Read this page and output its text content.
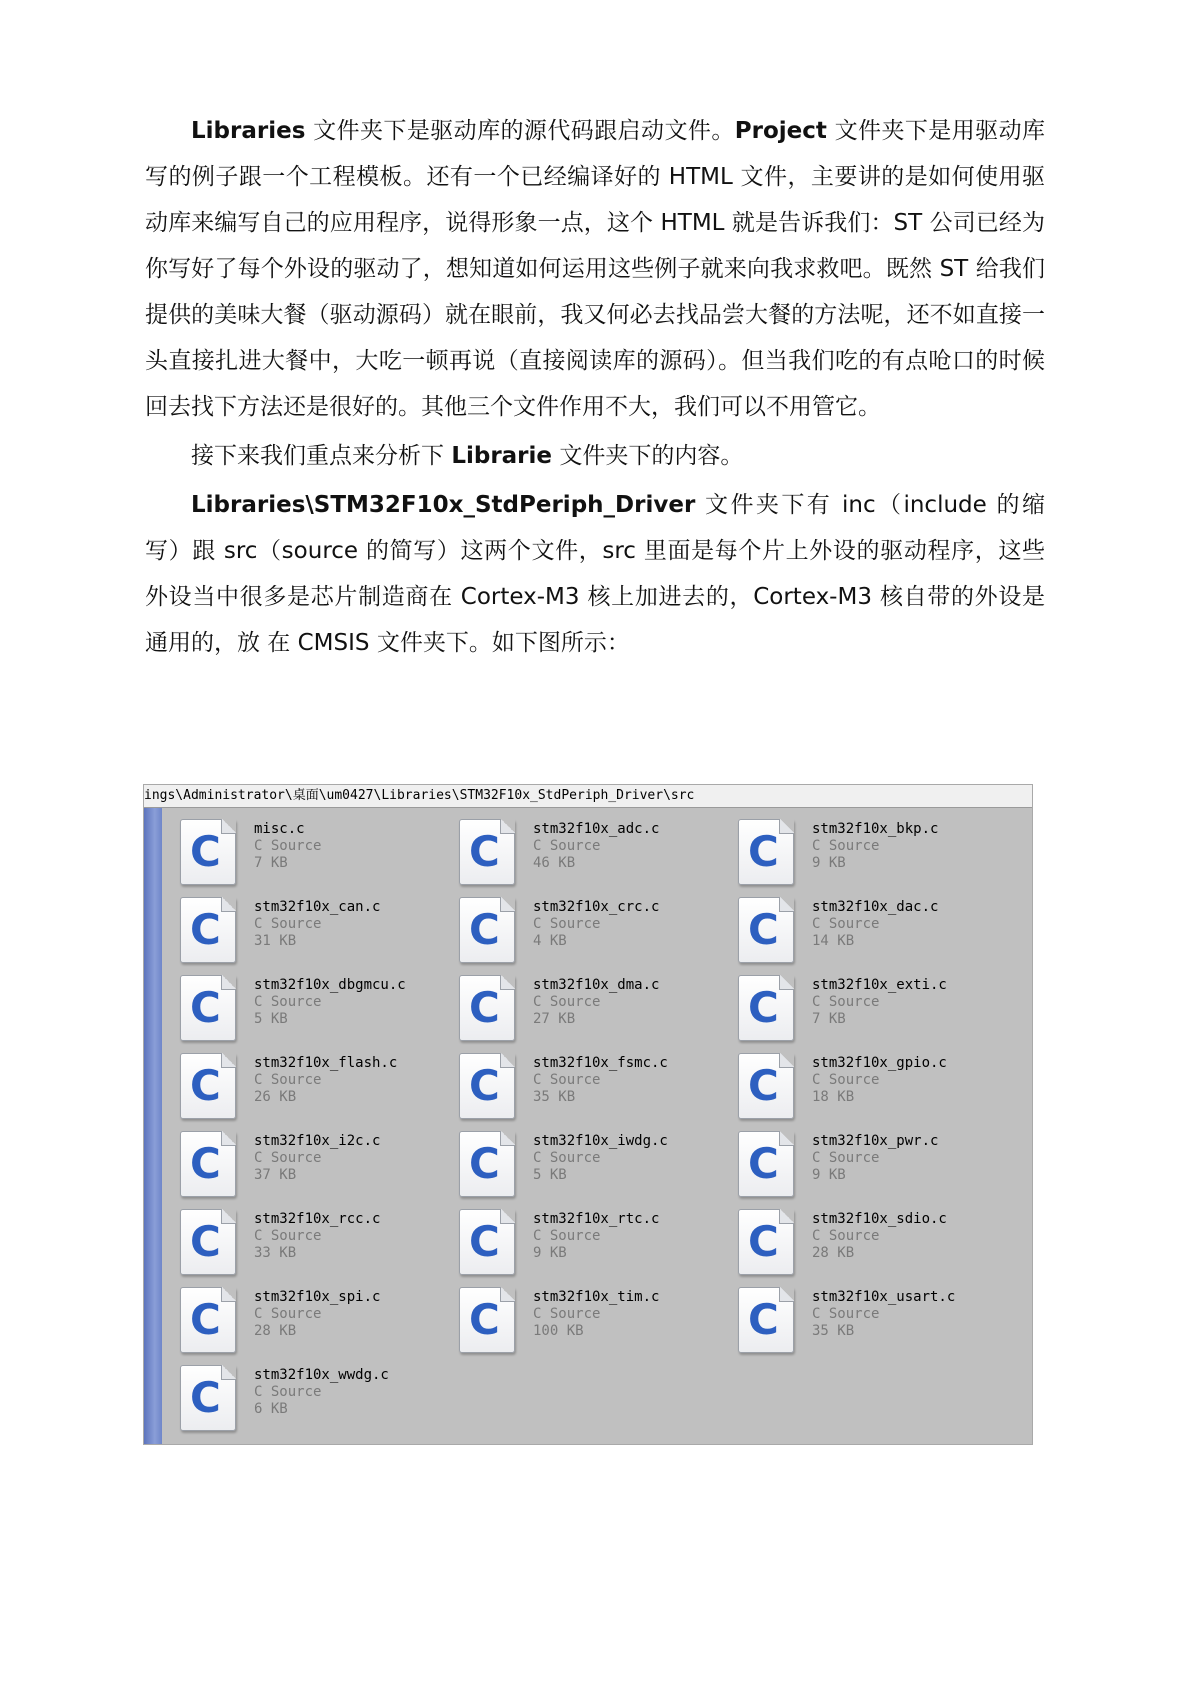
Libraries 文件夹下是驱动库的源代码跟启动文件。Project 文件夹下是用驱动库写的例子跟一个工程模板。还有一个已经编译好的 HTML 文件，主要讲的是如何使用驱动库来编写自己的应用程序，说得形象一点，这个 HTML 就是告诉我们：ST 公司已经为你写好了每个外设的驱动了，想知道如何运用这些例子就来向我求救吧。既然 ST 给我们提供的美味大餐（驱动源码）就在眼前，我又何必去找品尝大餐的方法呢，还不如直接一头直接扎进大餐中，大吃一顿再说（直接阅读库的源码）。但当我们吃的有点呛口的时候回去找下方法还是很好的。其他三个文件作用不大，我们可以不用管它。

接下来我们重点来分析下 Librarie 文件夹下的内容。

Libraries\STM32F10x_StdPeriph_Driver 文件夹下有 inc（include 的缩写）跟 src（source 的简写）这两个文件，src 里面是每个片上外设的驱动程序，这些外设当中很多是芯片制造商在 Cortex-M3 核上加进去的，Cortex-M3 核自带的外设是通用的，放 在 CMSIS 文件夹下。如下图所示：

ings\Administrator\桌面\um0427\Libraries\STM32F10x_StdPeriph_Driver\src
C misc.c
C Source
7 KB	C stm32f10x_adc.c
C Source
46 KB	C stm32f10x_bkp.c
C Source
9 KB
C stm32f10x_can.c
C Source
31 KB	C stm32f10x_crc.c
C Source
4 KB	C stm32f10x_dac.c
C Source
14 KB
C stm32f10x_dbgmcu.c
C Source
5 KB	C stm32f10x_dma.c
C Source
27 KB	C stm32f10x_exti.c
C Source
7 KB
C stm32f10x_flash.c
C Source
26 KB	C stm32f10x_fsmc.c
C Source
35 KB	C stm32f10x_gpio.c
C Source
18 KB
C stm32f10x_i2c.c
C Source
37 KB	C stm32f10x_iwdg.c
C Source
5 KB	C stm32f10x_pwr.c
C Source
9 KB
C stm32f10x_rcc.c
C Source
33 KB	C stm32f10x_rtc.c
C Source
9 KB	C stm32f10x_sdio.c
C Source
28 KB
C stm32f10x_spi.c
C Source
28 KB	C stm32f10x_tim.c
C Source
100 KB	C stm32f10x_usart.c
C Source
35 KB
C stm32f10x_wwdg.c
C Source
6 KB
